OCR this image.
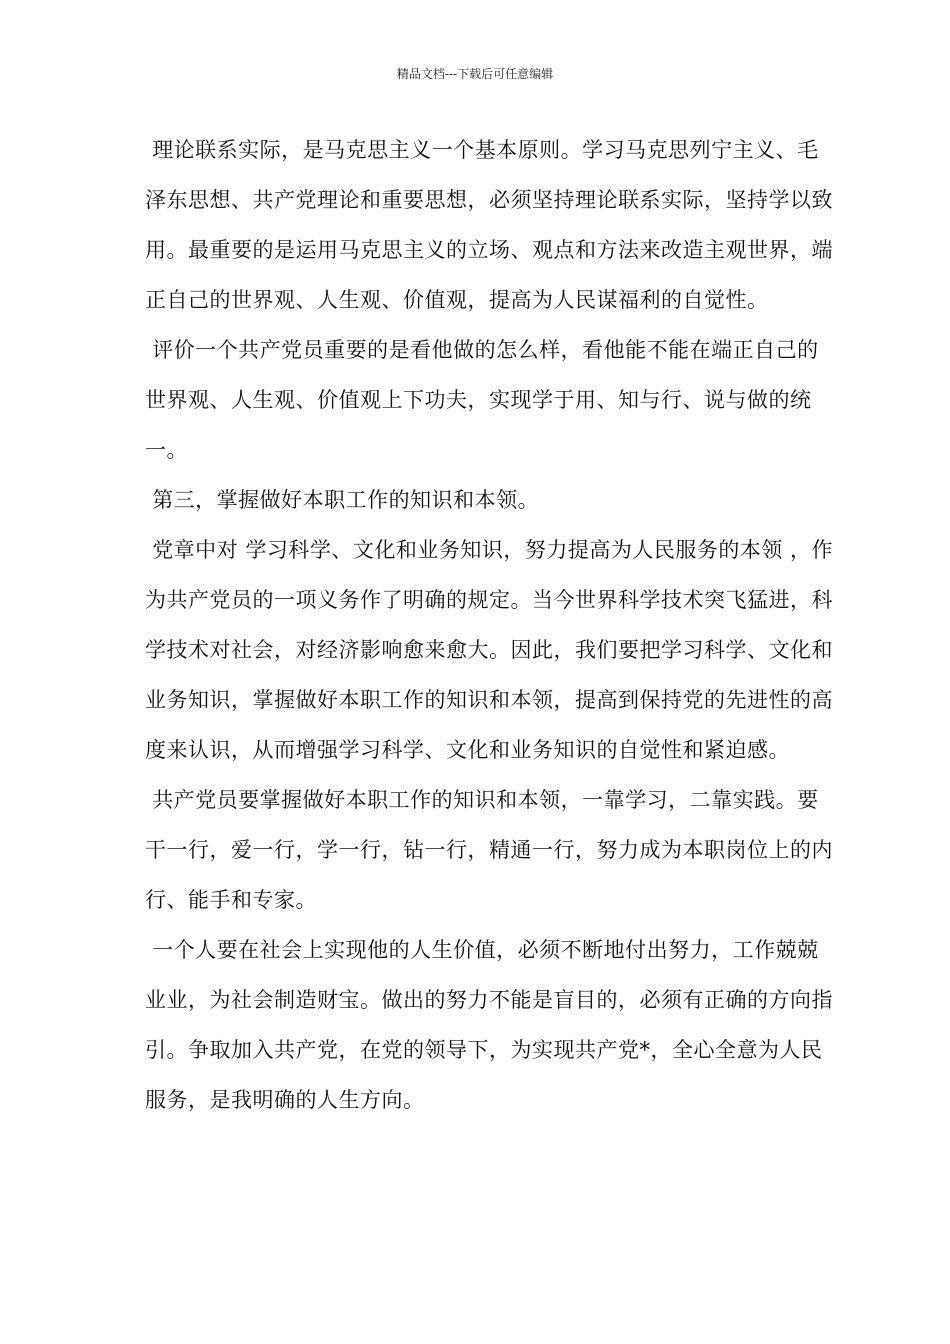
精品文档---下载后可任意编辑

理论联系实际，是马克思主义一个基本原则。学习马克思列宁主义、毛泽东思想、共产党理论和重要思想，必须坚持理论联系实际，坚持学以致用。最重要的是运用马克思主义的立场、观点和方法来改造主观世界，端正自己的世界观、人生观、价值观，提高为人民谋福利的自觉性。

评价一个共产党员重要的是看他做的怎么样，看他能不能在端正自己的世界观、人生观、价值观上下功夫，实现学于用、知与行、说与做的统一。

第三，掌握做好本职工作的知识和本领。

党章中对 学习科学、文化和业务知识，努力提高为人民服务的本领 ，作为共产党员的一项义务作了明确的规定。当今世界科学技术突飞猛进，科学技术对社会，对经济影响愈来愈大。因此，我们要把学习科学、文化和业务知识，掌握做好本职工作的知识和本领，提高到保持党的先进性的高度来认识，从而增强学习科学、文化和业务知识的自觉性和紧迫感。

共产党员要掌握做好本职工作的知识和本领，一靠学习，二靠实践。要干一行，爱一行，学一行，钻一行，精通一行，努力成为本职岗位上的内行、能手和专家。

一个人要在社会上实现他的人生价值，必须不断地付出努力，工作兢兢业业，为社会制造财宝。做出的努力不能是盲目的，必须有正确的方向指引。争取加入共产党，在党的领导下，为实现共产党*，全心全意为人民服务，是我明确的人生方向。
